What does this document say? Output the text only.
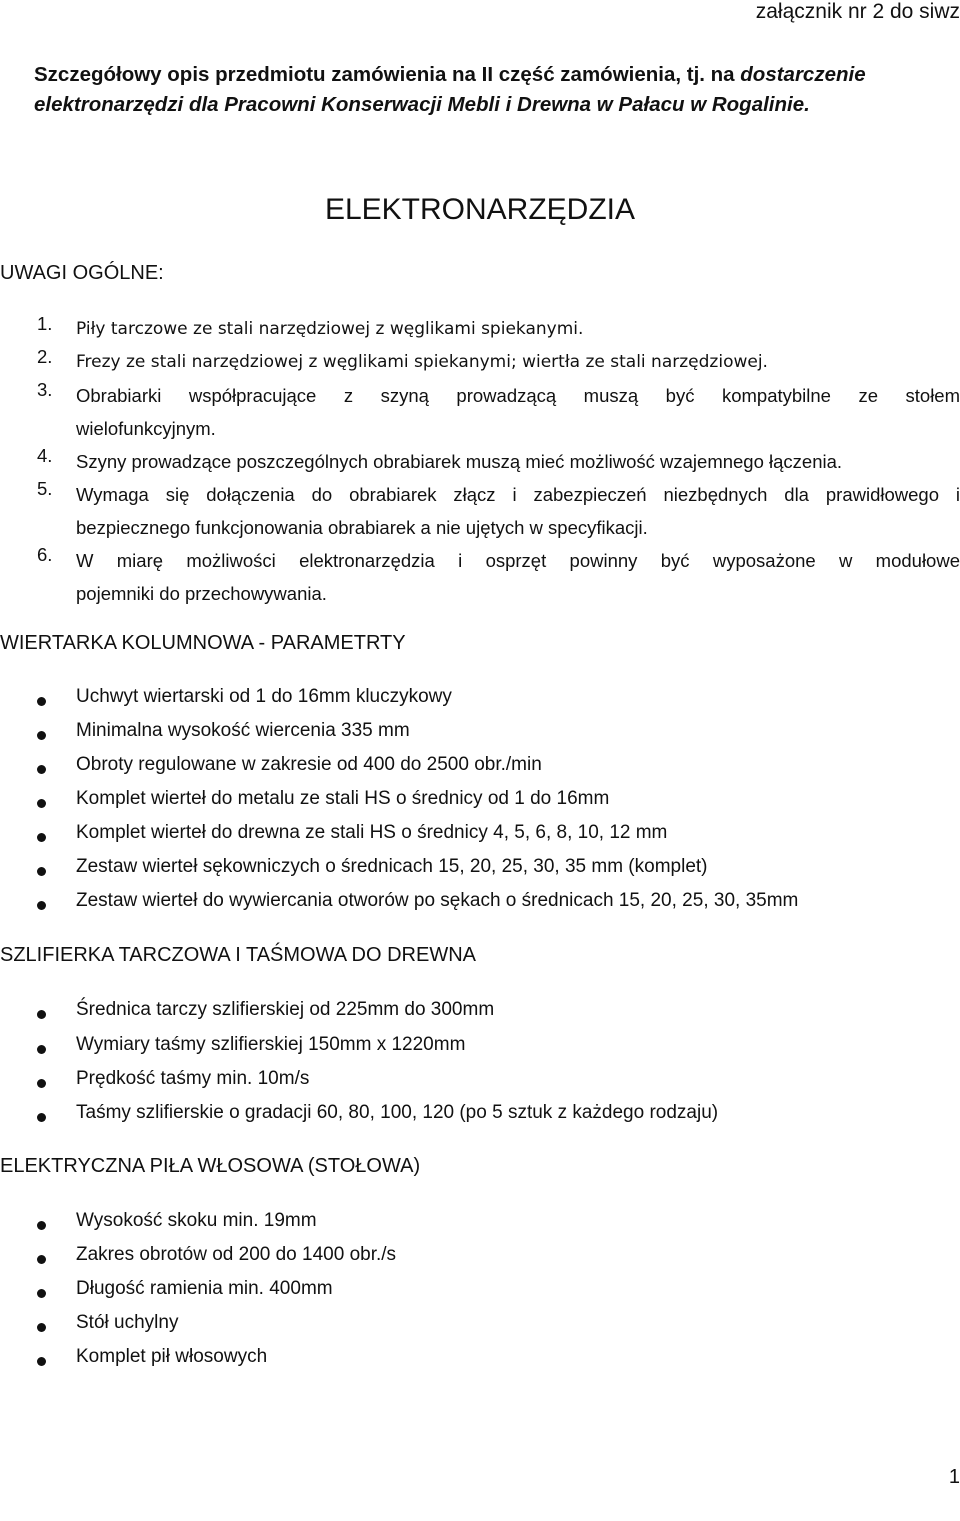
załącznik nr 2 do siwz
Szczegółowy opis przedmiotu zamówienia na II część zamówienia, tj. na dostarczenie elektronarzędzi dla Pracowni Konserwacji Mebli i Drewna w Pałacu w Rogalinie.
ELEKTRONARZĘDZIA
UWAGI OGÓLNE:
1. Piły tarczowe ze stali narzędziowej z węglikami spiekanymi.
2. Frezy ze stali narzędziowej z węglikami spiekanymi; wiertła ze stali narzędziowej.
3. Obrabiarki współpracujące z szyną prowadzącą muszą być kompatybilne ze stołem
wielofunkcyjnym.
4. Szyny prowadzące poszczególnych obrabiarek muszą mieć możliwość wzajemnego łączenia.
5. Wymaga się dołączenia do obrabiarek złącz i zabezpieczeń niezbędnych dla prawidłowego i
bezpiecznego funkcjonowania obrabiarek a nie ujętych w specyfikacji.
6. W miarę możliwości elektronarzędzia i osprzęt powinny być wyposażone w modułowe
pojemniki do przechowywania.
WIERTARKA KOLUMNOWA - PARAMETRTY
Uchwyt wiertarski od 1 do 16mm kluczykowy
Minimalna wysokość wiercenia 335 mm
Obroty regulowane w zakresie od 400 do 2500 obr./min
Komplet wierteł do metalu ze stali HS o średnicy od 1 do 16mm
Komplet wierteł do drewna ze stali HS o średnicy 4, 5, 6, 8, 10, 12 mm
Zestaw wierteł sękowniczych o średnicach 15, 20, 25, 30, 35 mm (komplet)
Zestaw wierteł do wywiercania otworów po sękach o średnicach 15, 20, 25, 30, 35mm
SZLIFIERKA TARCZOWA I TAŚMOWA DO DREWNA
Średnica tarczy szlifierskiej od 225mm do 300mm
Wymiary taśmy szlifierskiej 150mm x 1220mm
Prędkość taśmy min. 10m/s
Taśmy szlifierskie o gradacji 60, 80, 100, 120 (po 5 sztuk z każdego rodzaju)
ELEKTRYCZNA PIŁA WŁOSOWA (STOŁOWA)
Wysokość skoku min. 19mm
Zakres obrotów od 200 do 1400 obr./s
Długość ramienia min. 400mm
Stół uchylny
Komplet pił włosowych
1
